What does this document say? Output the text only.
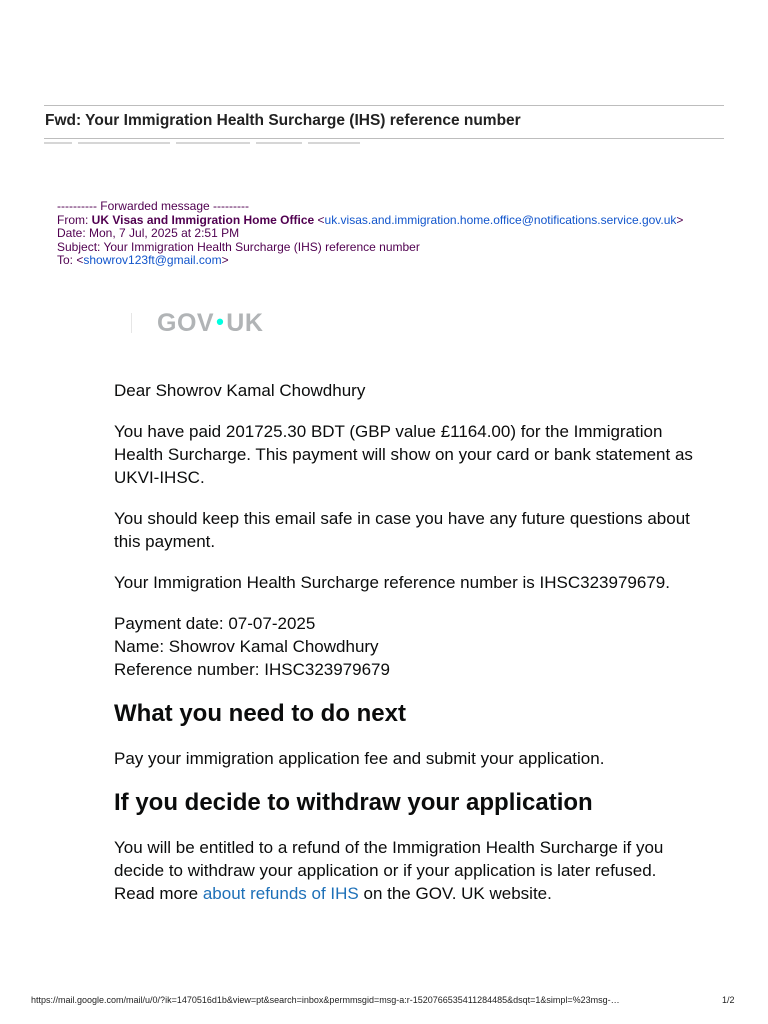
Fwd: Your Immigration Health Surcharge (IHS) reference number
---------- Forwarded message ---------
From: UK Visas and Immigration Home Office <uk.visas.and.immigration.home.office@notifications.service.gov.uk>
Date: Mon, 7 Jul, 2025 at 2:51 PM
Subject: Your Immigration Health Surcharge (IHS) reference number
To: <showrov123ft@gmail.com>
GOV•UK

Dear Showrov Kamal Chowdhury

You have paid 201725.30 BDT (GBP value £1164.00) for the Immigration Health Surcharge. This payment will show on your card or bank statement as UKVI-IHSC.

You should keep this email safe in case you have any future questions about this payment.

Your Immigration Health Surcharge reference number is IHSC323979679.

Payment date: 07-07-2025
Name: Showrov Kamal Chowdhury
Reference number: IHSC323979679

What you need to do next

Pay your immigration application fee and submit your application.

If you decide to withdraw your application

You will be entitled to a refund of the Immigration Health Surcharge if you decide to withdraw your application or if your application is later refused. Read more about refunds of IHS on the GOV. UK website.

https://mail.google.com/mail/u/0/?ik=1470516d1b&view=pt&search=inbox&permmsgid=msg-a:r-1520766535411284485&dsqt=1&simpl=%23msg-…	1/2
